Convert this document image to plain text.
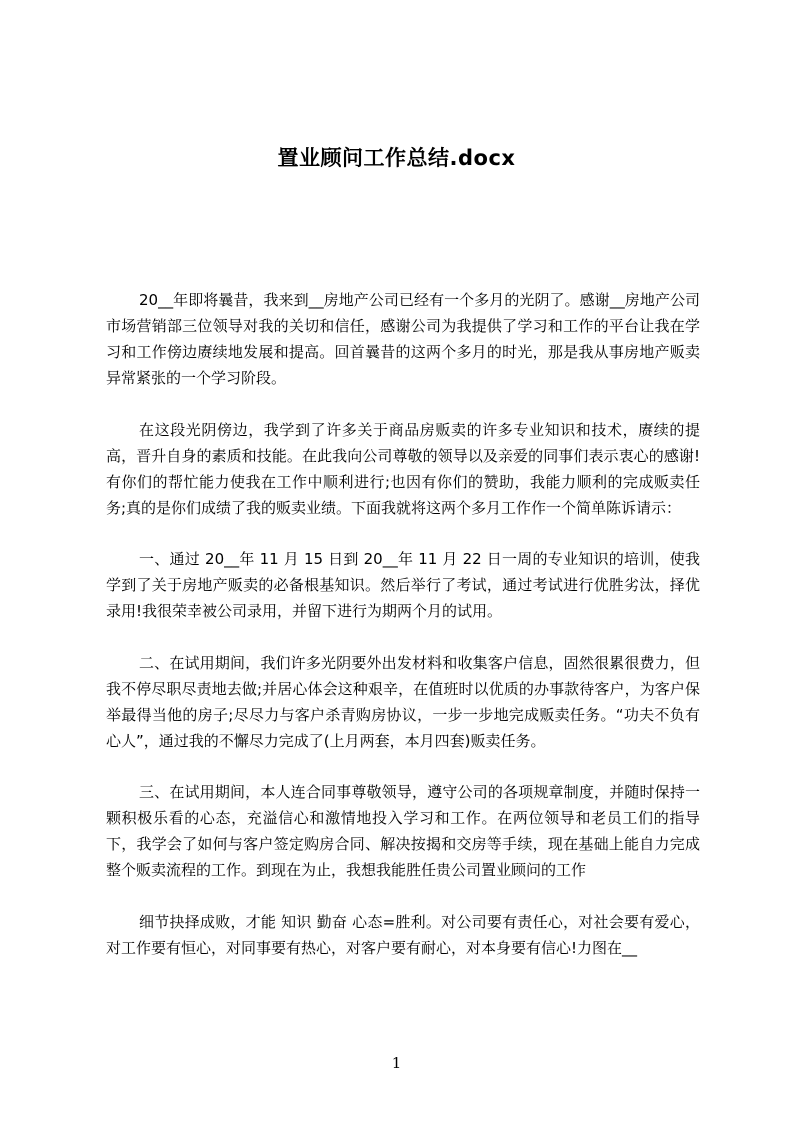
置业顾问工作总结.docx

20__年即将曩昔，我来到__房地产公司已经有一个多月的光阴了。感谢__房地产公司市场营销部三位领导对我的关切和信任，感谢公司为我提供了学习和工作的平台让我在学习和工作傍边赓续地发展和提高。回首曩昔的这两个多月的时光，那是我从事房地产贩卖异常紧张的一个学习阶段。

在这段光阴傍边，我学到了许多关于商品房贩卖的许多专业知识和技术，赓续的提高，晋升自身的素质和技能。在此我向公司尊敬的领导以及亲爱的同事们表示衷心的感谢!有你们的帮忙能力使我在工作中顺利进行;也因有你们的赞助，我能力顺利的完成贩卖任务;真的是你们成绩了我的贩卖业绩。下面我就将这两个多月工作作一个简单陈诉请示：

一、通过 20__年 11 月 15 日到 20__年 11 月 22 日一周的专业知识的培训，使我学到了关于房地产贩卖的必备根基知识。然后举行了考试，通过考试进行优胜劣汰，择优录用!我很荣幸被公司录用，并留下进行为期两个月的试用。

二、在试用期间，我们许多光阴要外出发材料和收集客户信息，固然很累很费力，但我不停尽职尽责地去做;并居心体会这种艰辛，在值班时以优质的办事款待客户，为客户保举最得当他的房子;尽尽力与客户杀青购房协议，一步一步地完成贩卖任务。“功夫不负有心人”，通过我的不懈尽力完成了(上月两套，本月四套)贩卖任务。

三、在试用期间，本人连合同事尊敬领导，遵守公司的各项规章制度，并随时保持一颗积极乐看的心态，充溢信心和激情地投入学习和工作。在两位领导和老员工们的指导下，我学会了如何与客户签定购房合同、解决按揭和交房等手续，现在基础上能自力完成整个贩卖流程的工作。到现在为止，我想我能胜任贵公司置业顾问的工作

细节抉择成败，才能 知识 勤奋 心态=胜利。对公司要有责任心，对社会要有爱心，对工作要有恒心，对同事要有热心，对客户要有耐心，对本身要有信心!力图在__

1
